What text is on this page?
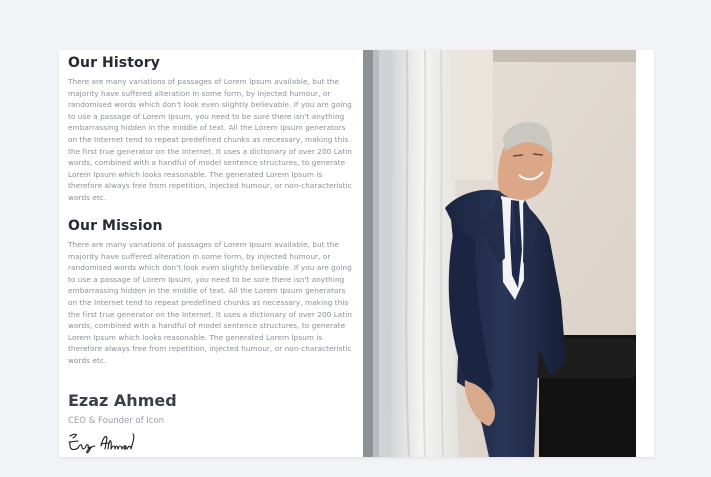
Our History

There are many variations of passages of Lorem Ipsum available, but the majority have suffered alteration in some form, by injected humour, or randomised words which don't look even slightly believable. If you are going to use a passage of Lorem Ipsum, you need to be sure there isn't anything embarrassing hidden in the middle of text. All the Lorem Ipsum generators on the Internet tend to repeat predefined chunks as necessary, making this the first true generator on the Internet. It uses a dictionary of over 200 Latin words, combined with a handful of model sentence structures, to generate Lorem Ipsum which looks reasonable. The generated Lorem Ipsum is therefore always free from repetition, injected humour, or non-characteristic words etc.

Our Mission

There are many variations of passages of Lorem Ipsum available, but the majority have suffered alteration in some form, by injected humour, or randomised words which don't look even slightly believable. If you are going to use a passage of Lorem Ipsum, you need to be sure there isn't anything embarrassing hidden in the middle of text. All the Lorem Ipsum generators on the Internet tend to repeat predefined chunks as necessary, making this the first true generator on the Internet. It uses a dictionary of over 200 Latin words, combined with a handful of model sentence structures, to generate Lorem Ipsum which looks reasonable. The generated Lorem Ipsum is therefore always free from repetition, injected humour, or non-characteristic words etc.

Ezaz Ahmed

CEO & Founder of Icon
